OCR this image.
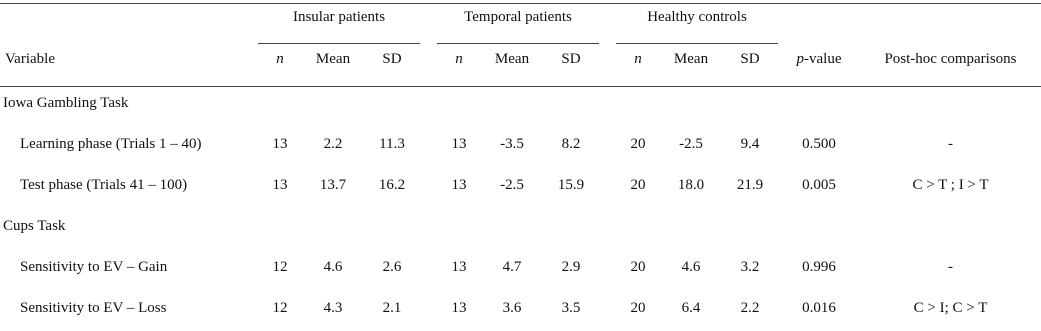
Insular patients	Temporal patients	Healthy controls
Variable	n	Mean	SD	n	Mean	SD	n	Mean	SD	p-value	Post-hoc comparisons
Iowa Gambling Task
Learning phase (Trials 1 – 40)	13	2.2	11.3	13	-3.5	8.2	20	-2.5	9.4	0.500	-
Test phase (Trials 41 – 100)	13	13.7	16.2	13	-2.5	15.9	20	18.0	21.9	0.005	C > T ; I > T
Cups Task
Sensitivity to EV – Gain	12	4.6	2.6	13	4.7	2.9	20	4.6	3.2	0.996	-
Sensitivity to EV – Loss	12	4.3	2.1	13	3.6	3.5	20	6.4	2.2	0.016	C > I; C > T
